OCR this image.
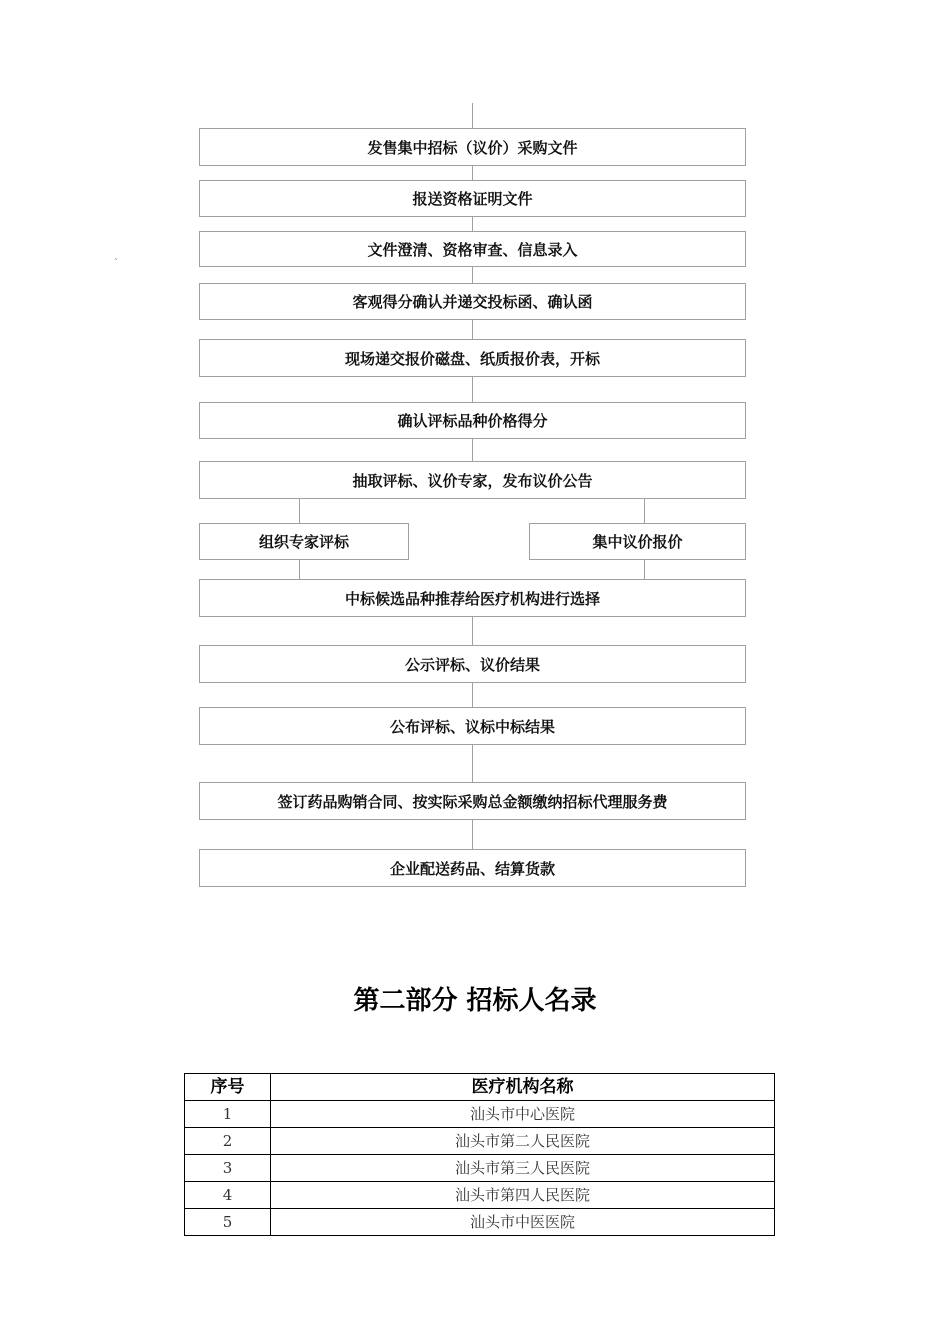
发售集中招标（议价）采购文件
报送资格证明文件
文件澄清、资格审查、信息录入
客观得分确认并递交投标函、确认函
现场递交报价磁盘、纸质报价表，开标
确认评标品种价格得分
抽取评标、议价专家，发布议价公告
组织专家评标	集中议价报价
中标候选品种推荐给医疗机构进行选择
公示评标、议价结果
公布评标、议标中标结果
签订药品购销合同、按实际采购总金额缴纳招标代理服务费
企业配送药品、结算货款
`
第二部分 招标人名录
序号	医疗机构名称
1	汕头市中心医院
2	汕头市第二人民医院
3	汕头市第三人民医院
4	汕头市第四人民医院
5	汕头市中医医院
